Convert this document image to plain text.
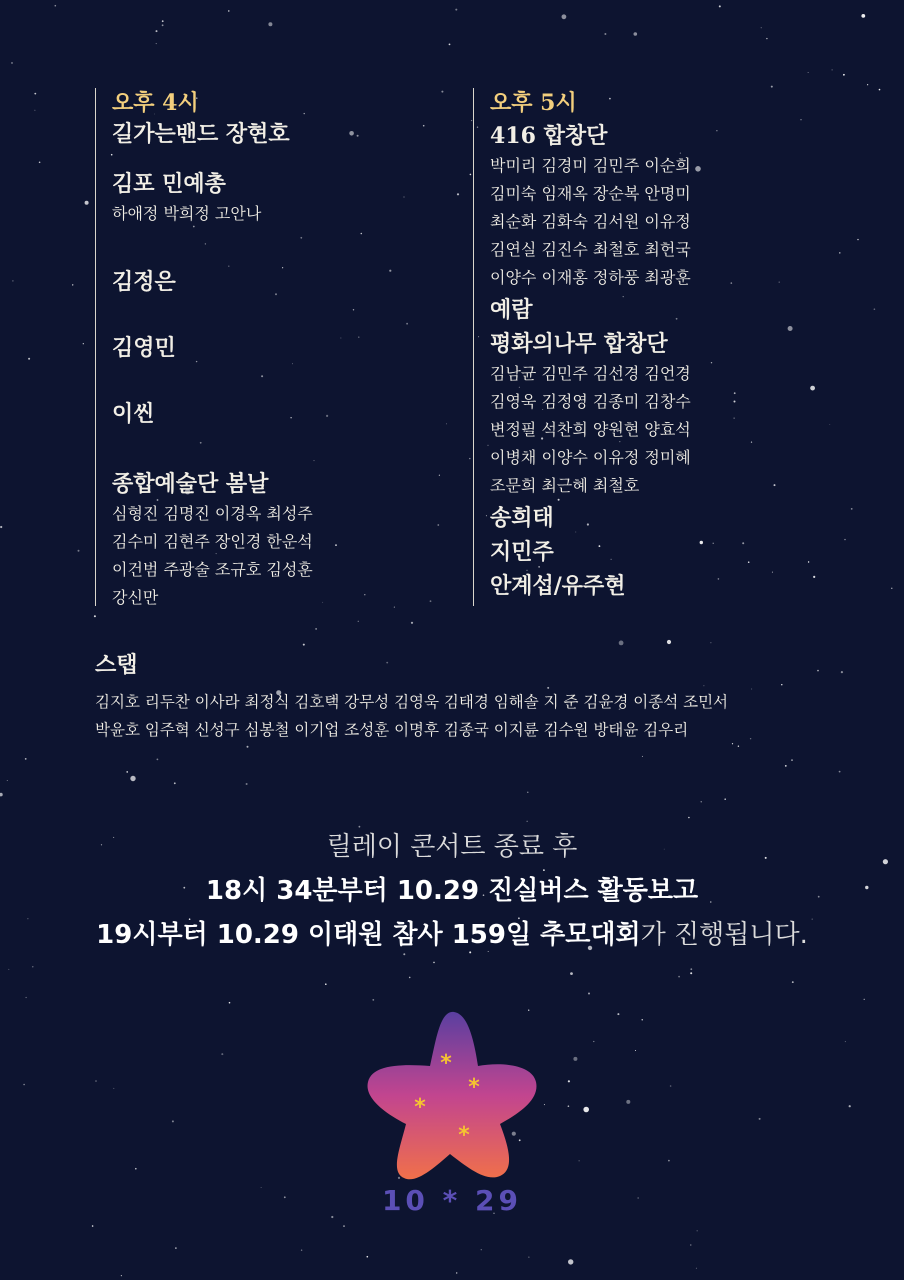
오후 4시
길가는밴드 장현호
김포 민예총
하애정 박희정 고안나
김정은
김영민
이씬
종합예술단 봄날
심형진 김명진 이경옥 최성주
김수미 김현주 장인경 한운석
이건범 주광술 조규호 김성훈
강신만
오후 5시
416 합창단
박미리 김경미 김민주 이순희
김미숙 임재옥 장순복 안명미
최순화 김화숙 김서원 이유정
김연실 김진수 최철호 최헌국
이양수 이재홍 정하풍 최광훈
예람
평화의나무 합창단
김남균 김민주 김선경 김언경
김영욱 김정영 김종미 김창수
변정필 석찬희 양원현 양효석
이병채 이양수 이유정 정미혜
조문희 최근혜 최철호
송희태
지민주
안계섭/유주현
스탭
김지호 리두찬 이사라 최정식 김호택 강무성 김영욱 김태경 임해솔 지 준 김윤경 이종석 조민서
박윤호 임주혁 신성구 심봉철 이기업 조성훈 이명후 김종국 이지륜 김수원 방태윤 김우리
릴레이 콘서트 종료 후
18시 34분부터 10.29 진실버스 활동보고
19시부터 10.29 이태원 참사 159일 추모대회가 진행됩니다.
*
*
*
*
10 * 29
